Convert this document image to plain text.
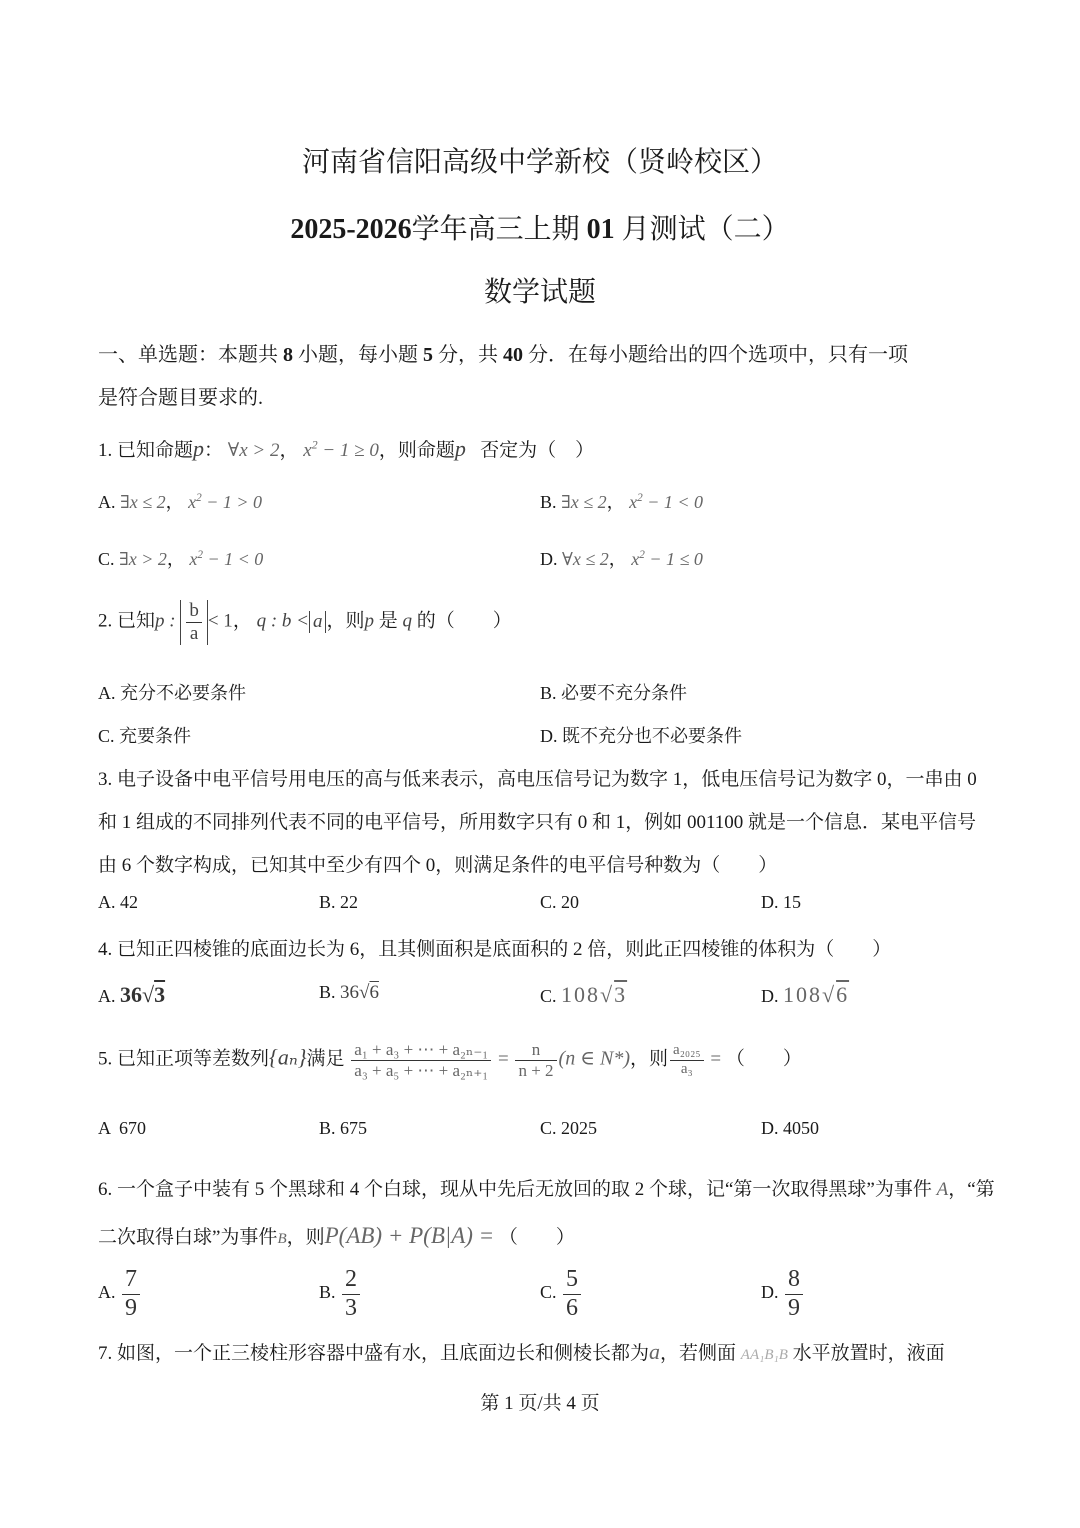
河南省信阳高级中学新校（贤岭校区）
2025-2026学年高三上期 01 月测试（二）
数学试题
一、单选题：本题共 8 小题，每小题 5 分，共 40 分．在每小题给出的四个选项中，只有一项
是符合题目要求的.
1. 已知命题p： ∀x > 2， $x^2 - 1 \ge 0$，则命题p 否定为（　）
A. ∃x ≤ 2， $x^2 - 1 > 0$	B. ∃x ≤ 2， $x^2 - 1 < 0$
C. ∃x > 2， $x^2 - 1 < 0$	D. ∀x ≤ 2， $x^2 - 1 \le 0$
2. 已知p : $\frac{b}{a} < 1$， q : b < a ，则p 是 q 的（　　）
A. 充分不必要条件	B. 必要不充分条件
C. 充要条件	D. 既不充分也不必要条件
3. 电子设备中电平信号用电压的高与低来表示，高电压信号记为数字 1，低电压信号记为数字 0，一串由 0
和 1 组成的不同排列代表不同的电平信号，所用数字只有 0 和 1，例如 001100 就是一个信息．某电平信号
由 6 个数字构成，已知其中至少有四个 0，则满足条件的电平信号种数为（　　）
A. 42	B. 22	C. 20	D. 15
4. 已知正四棱锥的底面边长为 6，且其侧面积是底面积的 2 倍，则此正四棱锥的体积为（　　）
A. 36√3	B. 36√6	C. 108√3	D. 108√6
5. 已知正项等差数列{aₙ}满足 $\frac{\text{a₁ + a₃ + ⋯ + a₂ₙ₋₁}}{\text{a₃ + a₅ + ⋯ + a₂ₙ₊₁}} = \frac{n}{n + 2} (n$ ∈ N*)，则 $\frac{\text{a₂₀₂₅}}{\text{a₃}}$ = （　　）
A 670	B. 675	C. 2025	D. 4050
6. 一个盒子中装有 5 个黑球和 4 个白球，现从中先后无放回的取 2 个球，记“第一次取得黑球”为事件 A，“第
二次取得白球”为事件B，则P(AB) + P(B|A) = （　　）
A. $\frac{7}{9}$	B. $\frac{2}{3}$	C. $\frac{5}{6}$	D. $\frac{8}{9}$
7. 如图，一个正三棱柱形容器中盛有水，且底面边长和侧棱长都为a，若侧面 AA₁B₁B 水平放置时，液面
第 1 页/共 4 页
